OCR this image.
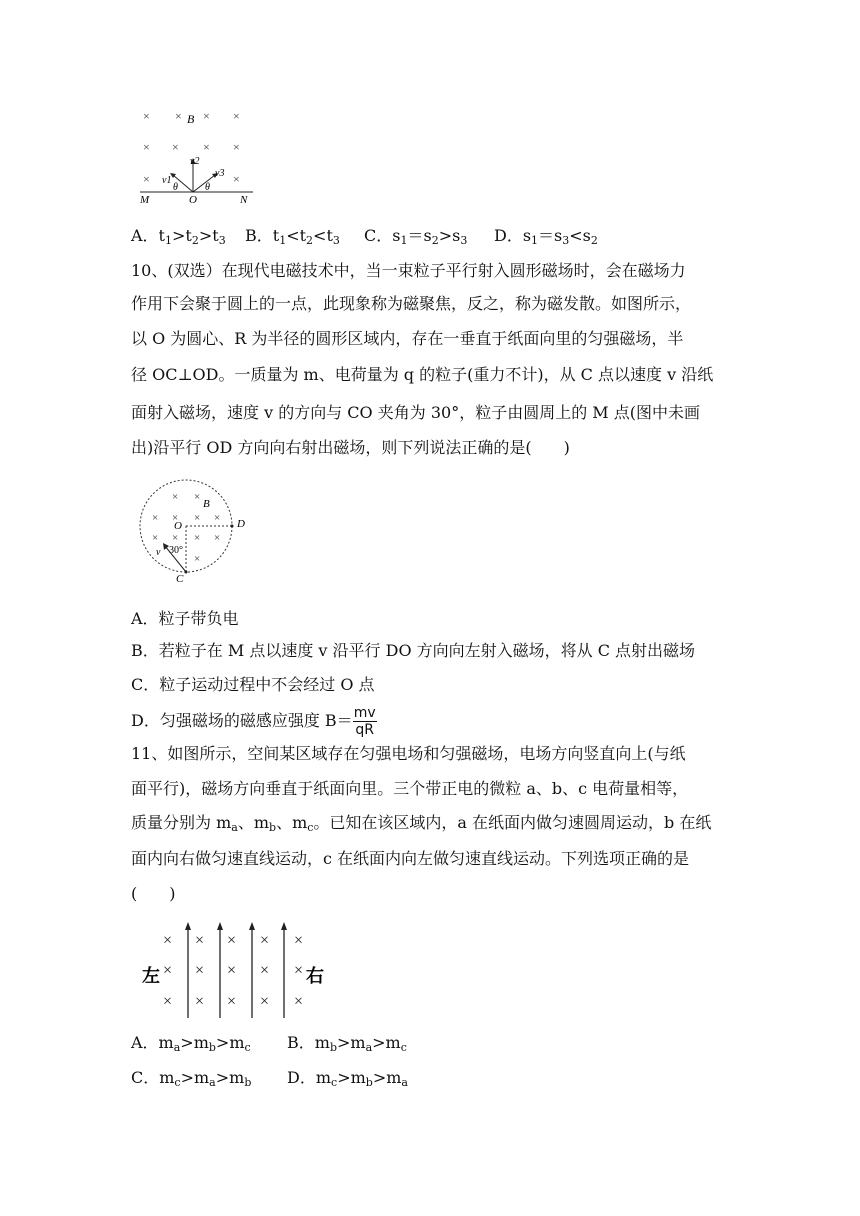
× × × ×
× × × ×
×	×
B
v1
v2
v3
θ	θ
M	O	N
A．$t_1>t_2>t_3$ B．$t_1<t_2<t_3$ C．$s_1=s_2>s_3$ D．$s_1=s_3<s_2$
10、(双选）在现代电磁技术中，当一束粒子平行射入圆形磁场时，会在磁场力
作用下会聚于圆上的一点，此现象称为磁聚焦，反之，称为磁发散。如图所示，
以 O 为圆心、R 为半径的圆形区域内，存在一垂直于纸面向里的匀强磁场，半
径 OC⊥OD。一质量为 m、电荷量为 q 的粒子(重力不计)，从 C 点以速度 v 沿纸
面射入磁场，速度 v 的方向与 CO 夹角为 30°，粒子由圆周上的 M 点(图中未画
出)沿平行 OD 方向向右射出磁场，则下列说法正确的是(　　)
× ×
× × × ×
× × × ×
×
B
O	D
C
v 30°
A．粒子带负电
B．若粒子在 M 点以速度 v 沿平行 DO 方向向左射入磁场，将从 C 点射出磁场
C．粒子运动过程中不会经过 O 点
D．匀强磁场的磁感应强度 $B= \frac{mv}{qR}$
11、如图所示，空间某区域存在匀强电场和匀强磁场，电场方向竖直向上(与纸
面平行)，磁场方向垂直于纸面向里。三个带正电的微粒 a、b、c 电荷量相等，
质量分别为 $m_a$、$m_b$、$m_c$。已知在该区域内，a 在纸面内做匀速圆周运动，b 在纸
面内向右做匀速直线运动，c 在纸面内向左做匀速直线运动。下列选项正确的是
(　　)
× × × × ×
× × × × ×
× × × × ×
左	右
A．$m_a>m_b>m_c$ B．$m_b>m_a>m_c$
C．$m_c>m_a>m_b$ D．$m_c>m_b>m_a$
